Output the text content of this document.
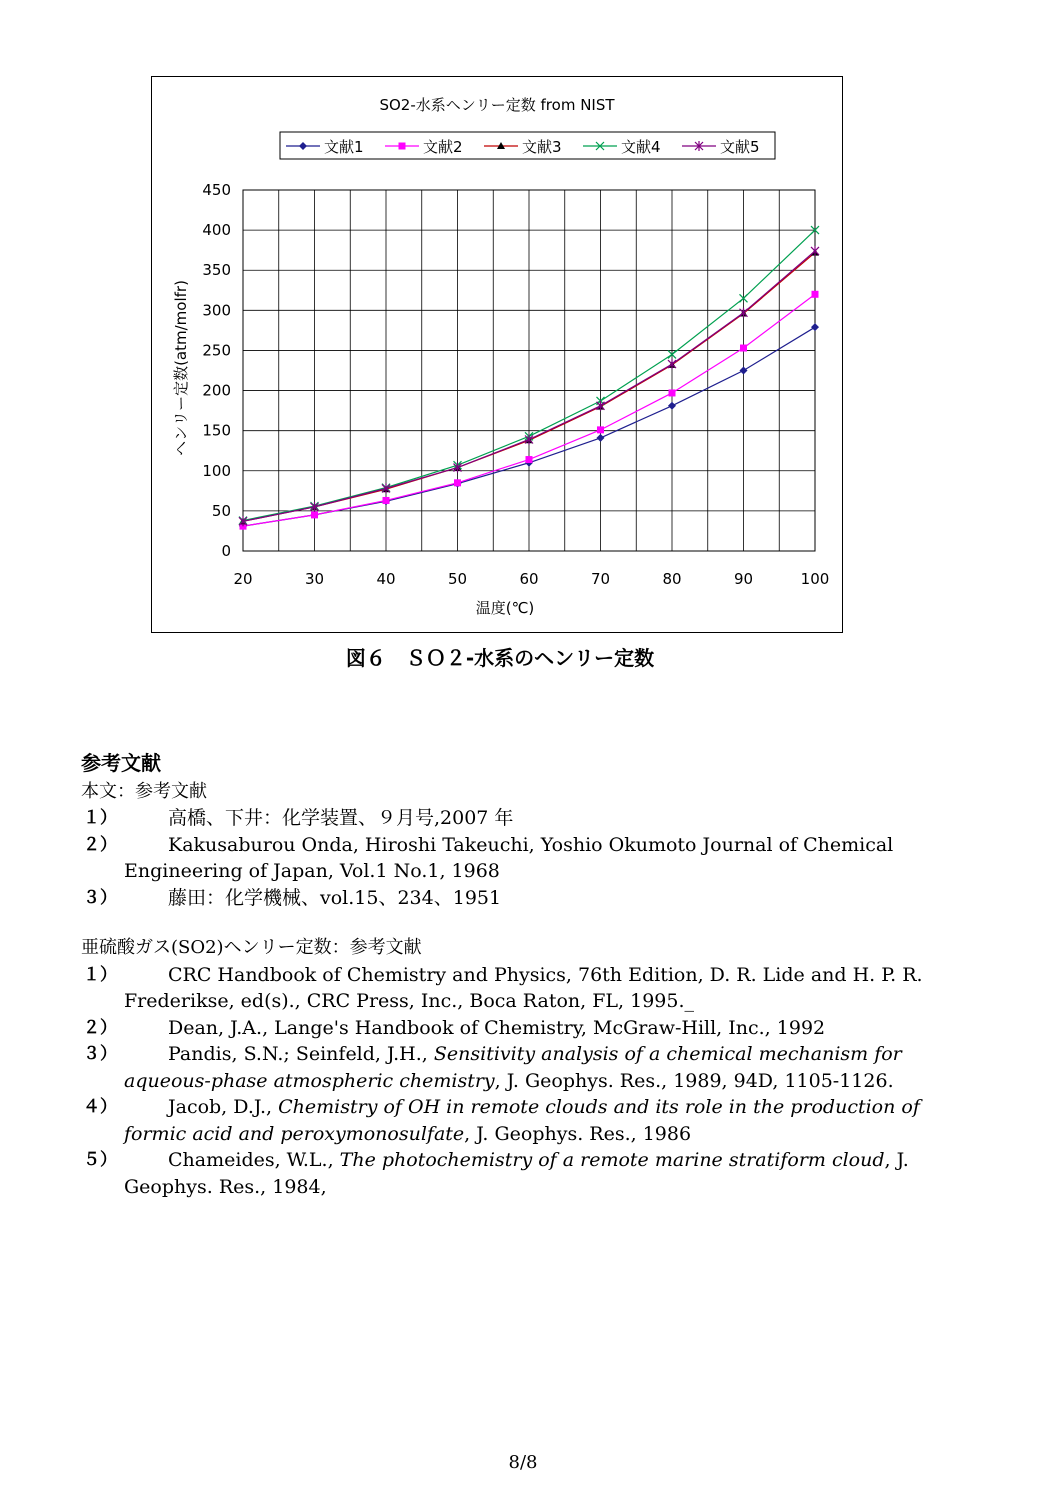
SO2-水系ヘンリー定数 from NIST
文献1	文献2	文献3	文献4	文献5
0
50
100
150
200
250
300
350
400
450
20	30	40	50	60	70	80	90	100
温度(℃)
ヘンリー定数(atm/molfr)
図６　ＳＯ２-水系のヘンリー定数
参考文献
本文：参考文献
１）	高橋、下井：化学装置、９月号,2007 年
２）	Kakusaburou Onda, Hiroshi Takeuchi, Yoshio Okumoto Journal of Chemical Engineering of Japan, Vol.1 No.1, 1968
３）	藤田：化学機械、vol.15、234、1951
亜硫酸ガス(SO2)ヘンリー定数：参考文献
１）	CRC Handbook of Chemistry and Physics, 76th Edition, D. R. Lide and H. P. R. Frederikse, ed(s)., CRC Press, Inc., Boca Raton, FL, 1995._
２）	Dean, J.A., Lange's Handbook of Chemistry, McGraw-Hill, Inc., 1992
３）	Pandis, S.N.; Seinfeld, J.H., Sensitivity analysis of a chemical mechanism for aqueous-phase atmospheric chemistry, J. Geophys. Res., 1989, 94D, 1105-1126.
４）	Jacob, D.J., Chemistry of OH in remote clouds and its role in the production of formic acid and peroxymonosulfate, J. Geophys. Res., 1986
５）	Chameides, W.L., The photochemistry of a remote marine stratiform cloud, J. Geophys. Res., 1984,
8/8
